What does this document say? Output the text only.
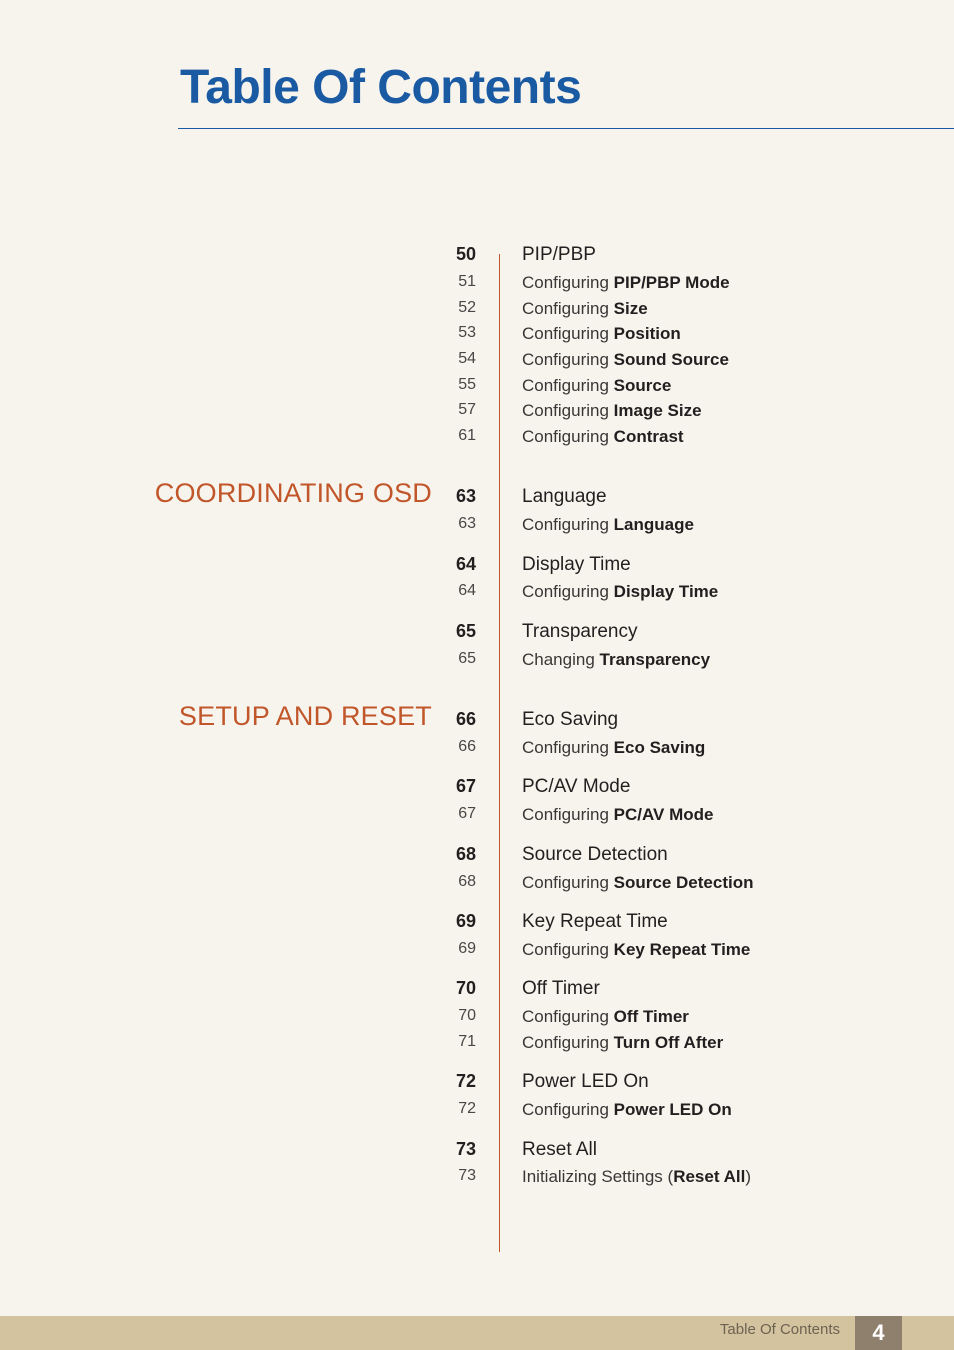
Table Of Contents
COORDINATING OSD
SETUP AND RESET
50 PIP/PBP
51	Configuring PIP/PBP Mode
52	Configuring Size
53	Configuring Position
54	Configuring Sound Source
55	Configuring Source
57	Configuring Image Size
61	Configuring Contrast
63 Language
63	Configuring Language
64 Display Time
64	Configuring Display Time
65 Transparency
65	Changing Transparency
66 Eco Saving
66	Configuring Eco Saving
67 PC/AV Mode
67	Configuring PC/AV Mode
68 Source Detection
68	Configuring Source Detection
69 Key Repeat Time
69	Configuring Key Repeat Time
70 Off Timer
70	Configuring Off Timer
71	Configuring Turn Off After
72 Power LED On
72	Configuring Power LED On
73 Reset All
73	Initializing Settings (Reset All)
Table Of Contents	4
